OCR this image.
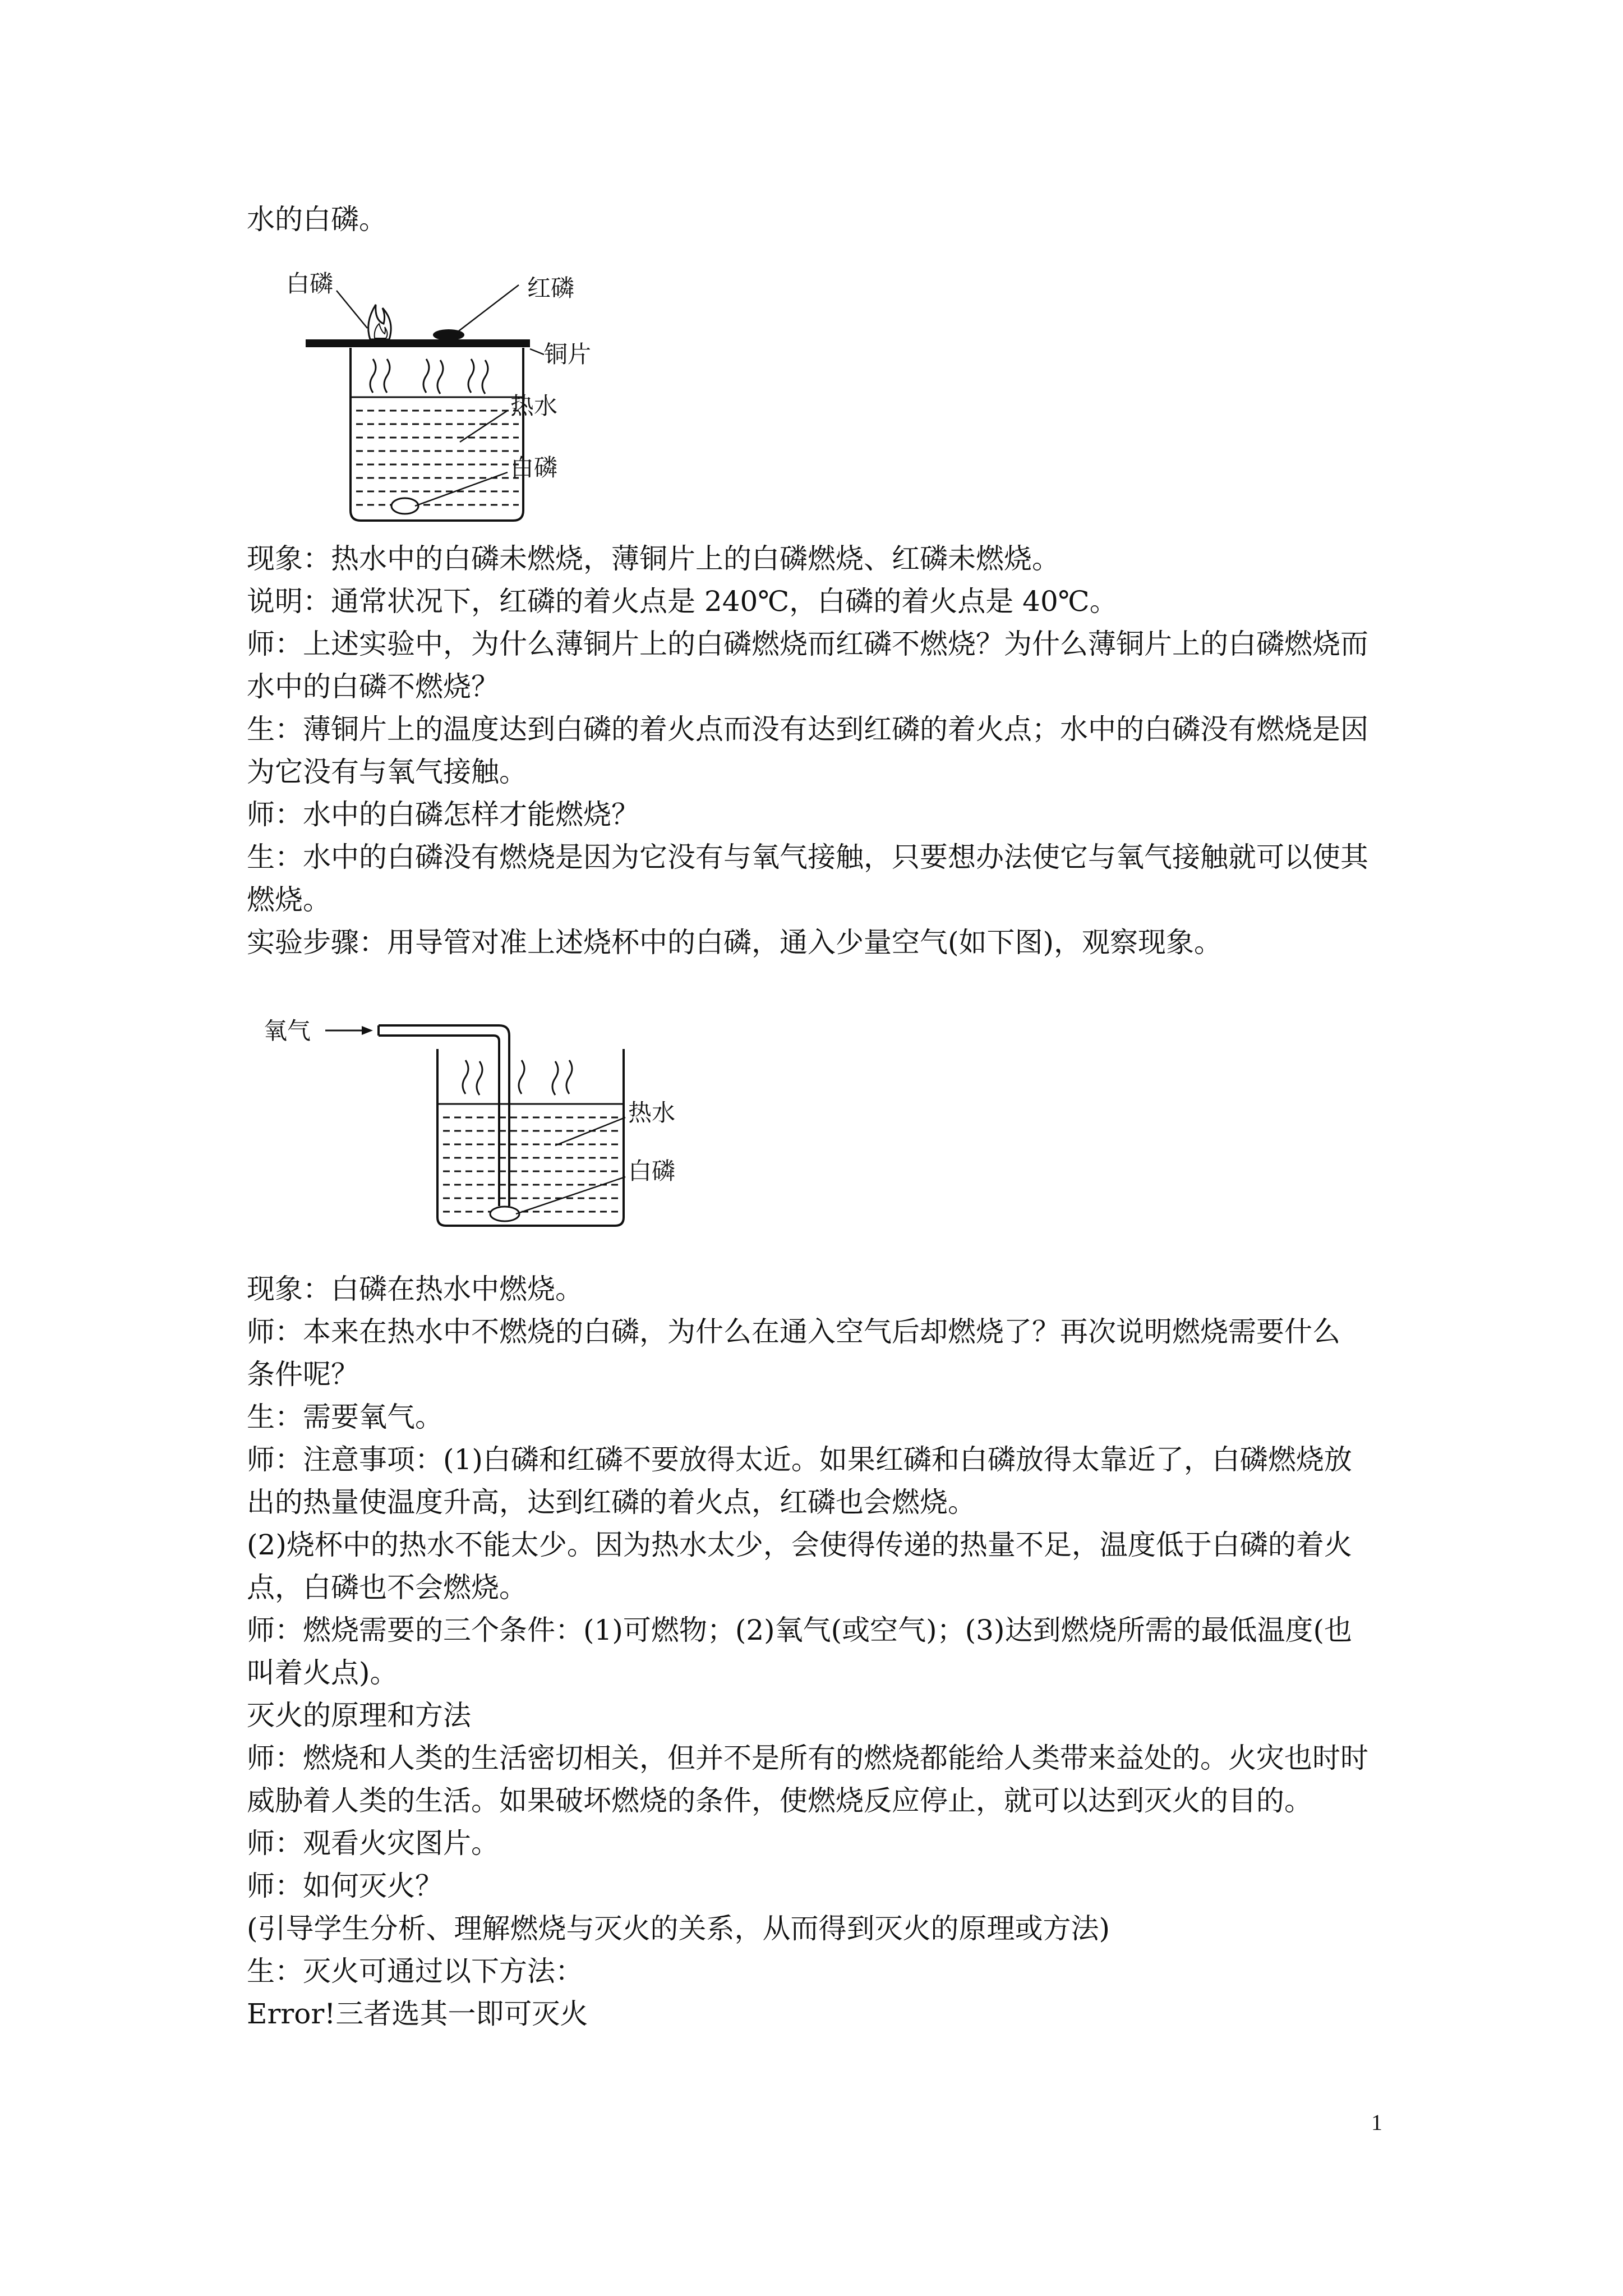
水的白磷。
白磷	红磷
铜片
热水
白磷
现象：热水中的白磷未燃烧，薄铜片上的白磷燃烧、红磷未燃烧。
说明：通常状况下，红磷的着火点是 240℃，白磷的着火点是 40℃。
师：上述实验中，为什么薄铜片上的白磷燃烧而红磷不燃烧？为什么薄铜片上的白磷燃烧而
水中的白磷不燃烧？
生：薄铜片上的温度达到白磷的着火点而没有达到红磷的着火点；水中的白磷没有燃烧是因
为它没有与氧气接触。
师：水中的白磷怎样才能燃烧？
生：水中的白磷没有燃烧是因为它没有与氧气接触，只要想办法使它与氧气接触就可以使其
燃烧。
实验步骤：用导管对准上述烧杯中的白磷，通入少量空气(如下图)，观察现象。
氧气
热水
白磷
现象：白磷在热水中燃烧。
师：本来在热水中不燃烧的白磷，为什么在通入空气后却燃烧了？再次说明燃烧需要什么
条件呢？
生：需要氧气。
师：注意事项：(1)白磷和红磷不要放得太近。如果红磷和白磷放得太靠近了，白磷燃烧放
出的热量使温度升高，达到红磷的着火点，红磷也会燃烧。
(2)烧杯中的热水不能太少。因为热水太少，会使得传递的热量不足，温度低于白磷的着火
点，白磷也不会燃烧。
师：燃烧需要的三个条件：(1)可燃物；(2)氧气(或空气)；(3)达到燃烧所需的最低温度(也
叫着火点)。
灭火的原理和方法
师：燃烧和人类的生活密切相关，但并不是所有的燃烧都能给人类带来益处的。火灾也时时
威胁着人类的生活。如果破坏燃烧的条件，使燃烧反应停止，就可以达到灭火的目的。
师：观看火灾图片。
师：如何灭火？
(引导学生分析、理解燃烧与灭火的关系，从而得到灭火的原理或方法)
生：灭火可通过以下方法：
Error!三者选其一即可灭火
1
